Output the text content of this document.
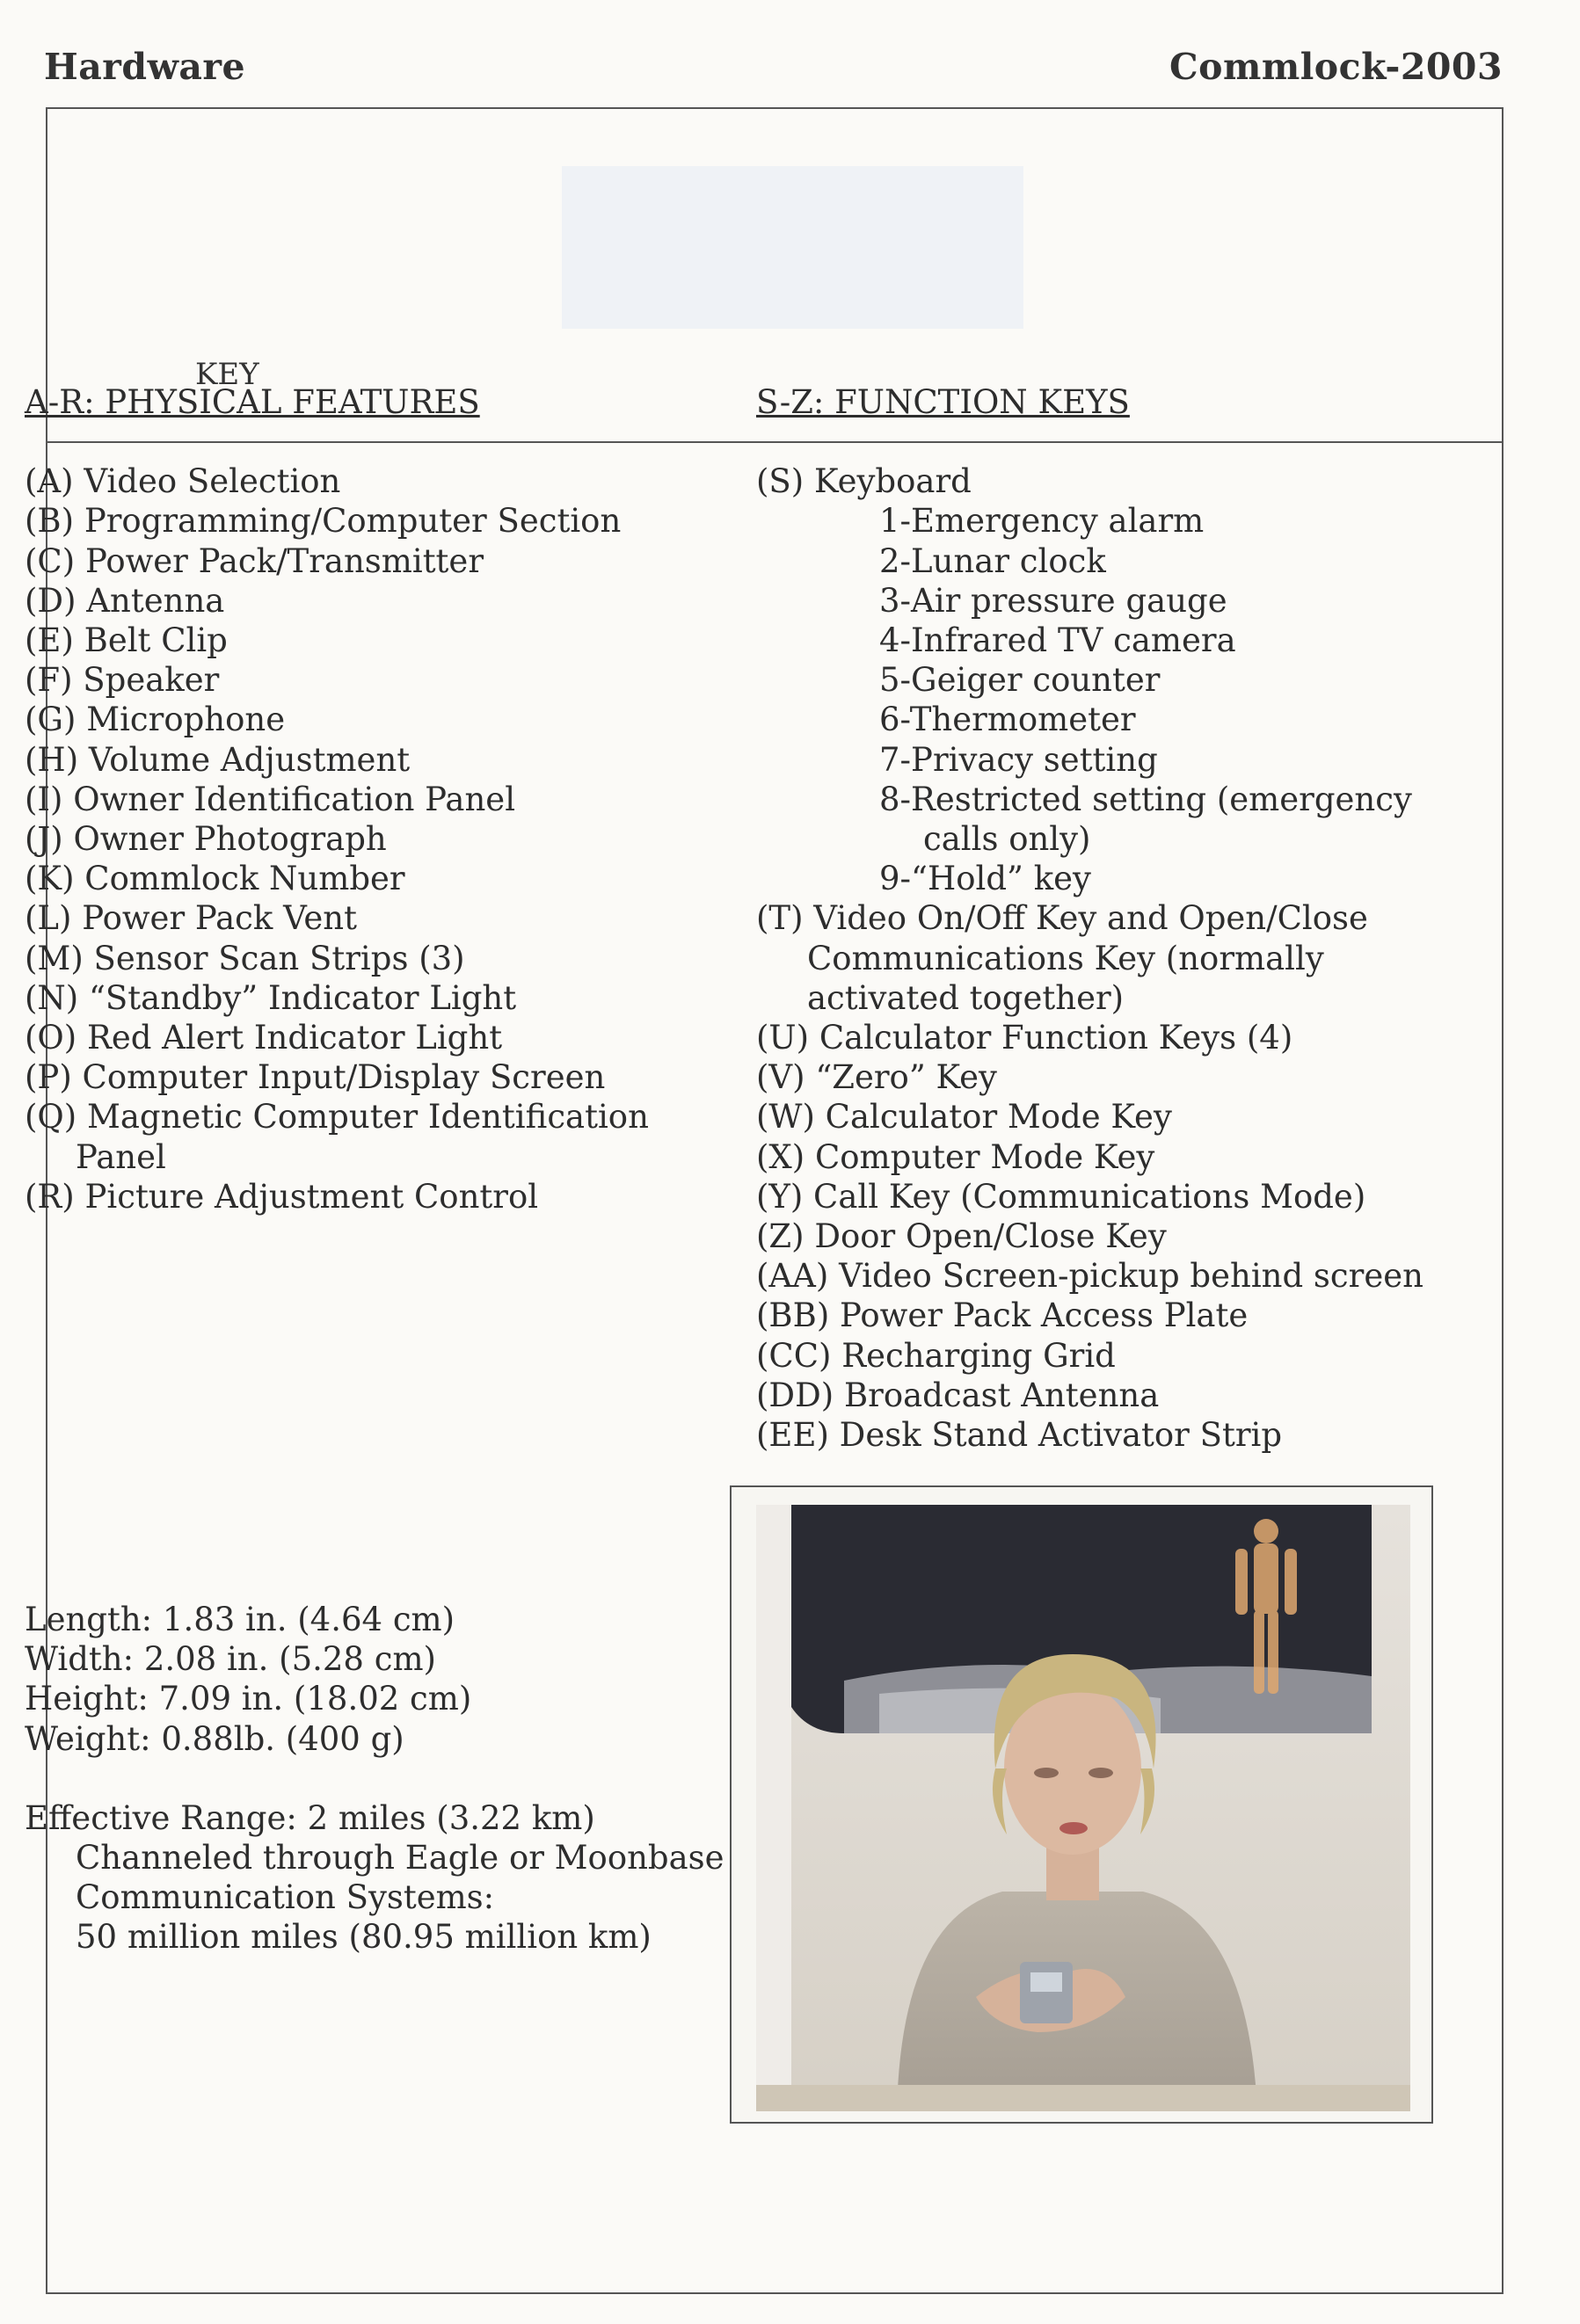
Hardware	Commlock-2003
KEY
A-R: PHYSICAL FEATURES
(A) Video Selection
(B) Programming/Computer Section
(C) Power Pack/Transmitter
(D) Antenna
(E) Belt Clip
(F) Speaker
(G) Microphone
(H) Volume Adjustment
(I) Owner Identification Panel
(J) Owner Photograph
(K) Commlock Number
(L) Power Pack Vent
(M) Sensor Scan Strips (3)
(N) “Standby” Indicator Light
(O) Red Alert Indicator Light
(P) Computer Input/Display Screen
(Q) Magnetic Computer Identification
Panel
(R) Picture Adjustment Control
S-Z: FUNCTION KEYS
(S) Keyboard
1-Emergency alarm
2-Lunar clock
3-Air pressure gauge
4-Infrared TV camera
5-Geiger counter
6-Thermometer
7-Privacy setting
8-Restricted setting (emergency
calls only)
9-“Hold” key
(T) Video On/Off Key and Open/Close
Communications Key (normally
activated together)
(U) Calculator Function Keys (4)
(V) “Zero” Key
(W) Calculator Mode Key
(X) Computer Mode Key
(Y) Call Key (Communications Mode)
(Z) Door Open/Close Key
(AA) Video Screen-pickup behind screen
(BB) Power Pack Access Plate
(CC) Recharging Grid
(DD) Broadcast Antenna
(EE) Desk Stand Activator Strip
Length: 1.83 in. (4.64 cm)
Width: 2.08 in. (5.28 cm)
Height: 7.09 in. (18.02 cm)
Weight: 0.88lb. (400 g)
Effective Range: 2 miles (3.22 km)
Channeled through Eagle or Moonbase
Communication Systems:
50 million miles (80.95 million km)
